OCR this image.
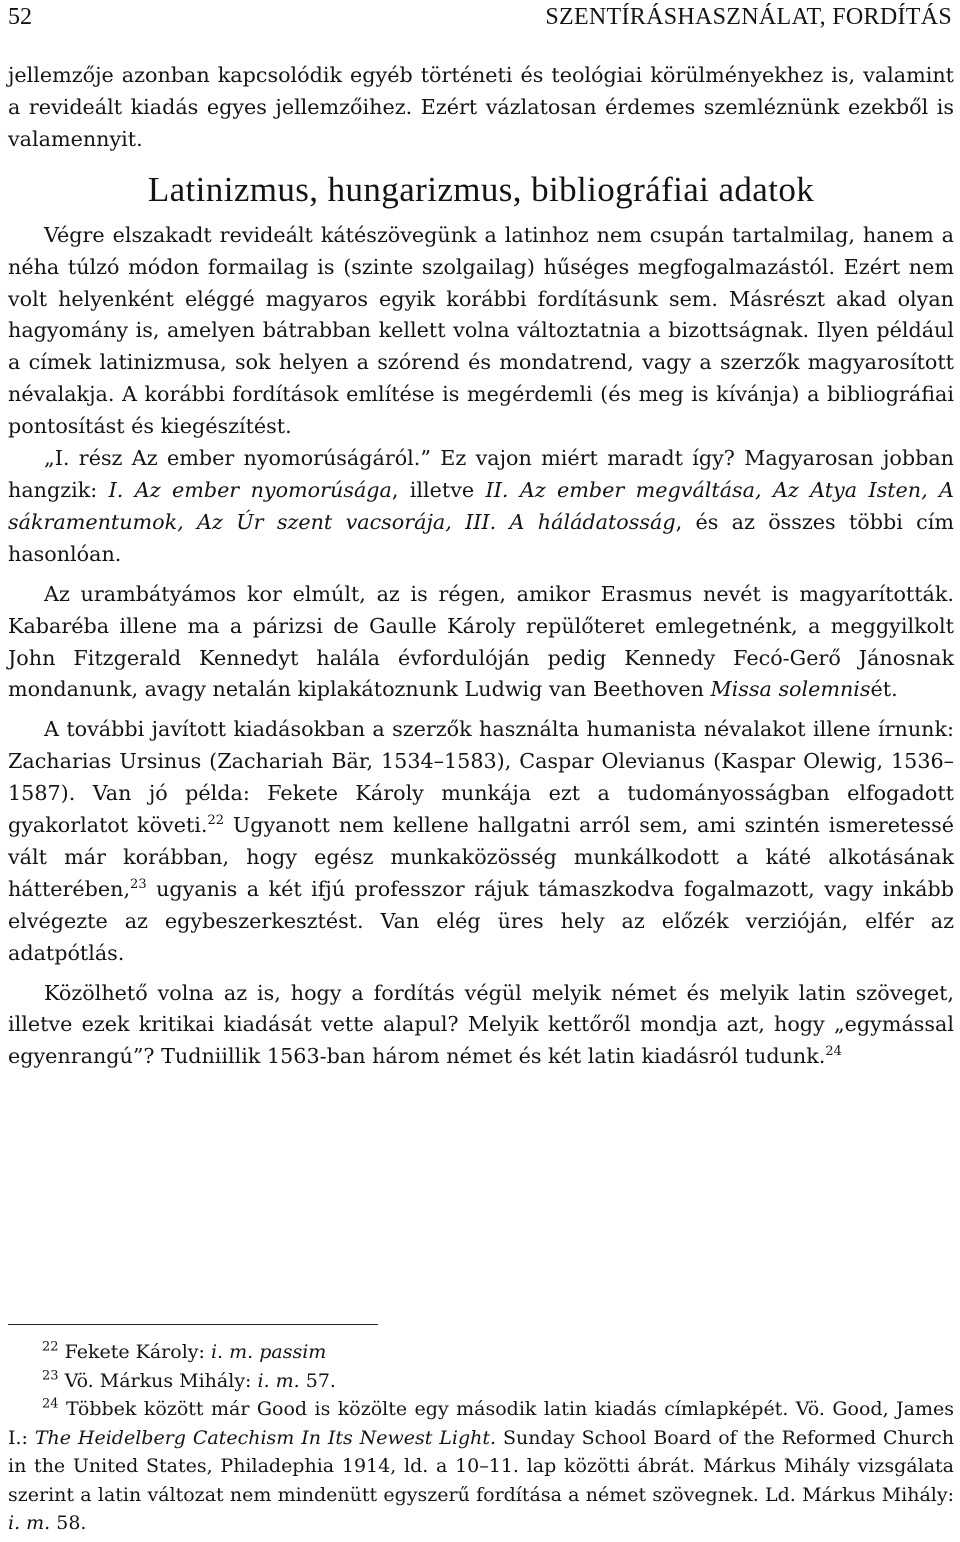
52	SZENTÍRÁSHASZNÁLAT, FORDÍTÁS

jellemzője azonban kapcsolódik egyéb történeti és teológiai körülményekhez is, valamint a revideált kiadás egyes jellemzőihez. Ezért vázlatosan érdemes szemléznünk ezekből is valamennyit.

Latinizmus, hungarizmus, bibliográfiai adatok

Végre elszakadt revideált kátészövegünk a latinhoz nem csupán tartalmilag, hanem a néha túlzó módon formailag is (szinte szolgailag) hűséges megfogalmazástól. Ezért nem volt helyenként eléggé magyaros egyik korábbi fordításunk sem. Másrészt akad olyan hagyomány is, amelyen bátrabban kellett volna változtatnia a bizottságnak. Ilyen például a címek latinizmusa, sok helyen a szórend és mondatrend, vagy a szerzők magyarosított névalakja. A korábbi fordítások említése is megérdemli (és meg is kívánja) a bibliográfiai pontosítást és kiegészítést.

„I. rész Az ember nyomorúságáról.” Ez vajon miért maradt így? Magyarosan jobban hangzik: I. Az ember nyomorúsága, illetve II. Az ember megváltása, Az Atya Isten, A sákramentumok, Az Úr szent vacsorája, III. A háládatosság, és az összes többi cím hasonlóan.

Az urambátyámos kor elmúlt, az is régen, amikor Erasmus nevét is magyarították. Kabaréba illene ma a párizsi de Gaulle Károly repülőteret emlegetnénk, a meggyilkolt John Fitzgerald Kennedyt halála évfordulóján pedig Kennedy Fecó-Gerő Jánosnak mondanunk, avagy netalán kiplakátoznunk Ludwig van Beethoven Missa solemnisét.

A további javított kiadásokban a szerzők használta humanista névalakot illene írnunk: Zacharias Ursinus (Zachariah Bär, 1534–1583), Caspar Olevianus (Kaspar Olewig, 1536–1587). Van jó példa: Fekete Károly munkája ezt a tudományosságban elfogadott gyakorlatot követi.$^{22}$ Ugyanott nem kellene hallgatni arról sem, ami szintén ismeretessé vált már korábban, hogy egész munkaközösség munkálkodott a káté alkotásának hátterében,$^{23}$ ugyanis a két ifjú professzor rájuk támaszkodva fogalmazott, vagy inkább elvégezte az egybeszerkesztést. Van elég üres hely az előzék verzióján, elfér az adatpótlás.

Közölhető volna az is, hogy a fordítás végül melyik német és melyik latin szöveget, illetve ezek kritikai kiadását vette alapul? Melyik kettőről mondja azt, hogy „egymással egyenrangú”? Tudniillik 1563-ban három német és két latin kiadásról tudunk.$^{24}$

$^{22}$ Fekete Károly: i. m. passim

$^{23}$ Vö. Márkus Mihály: i. m. 57.

$^{24}$ Többek között már Good is közölte egy második latin kiadás címlapképét. Vö. Good, James I.: The Heidelberg Catechism In Its Newest Light. Sunday School Board of the Reformed Church in the United States, Philadephia 1914, ld. a 10–11. lap közötti ábrát. Márkus Mihály vizsgálata szerint a latin változat nem mindenütt egyszerű fordítása a német szövegnek. Ld. Márkus Mihály: i. m. 58.
